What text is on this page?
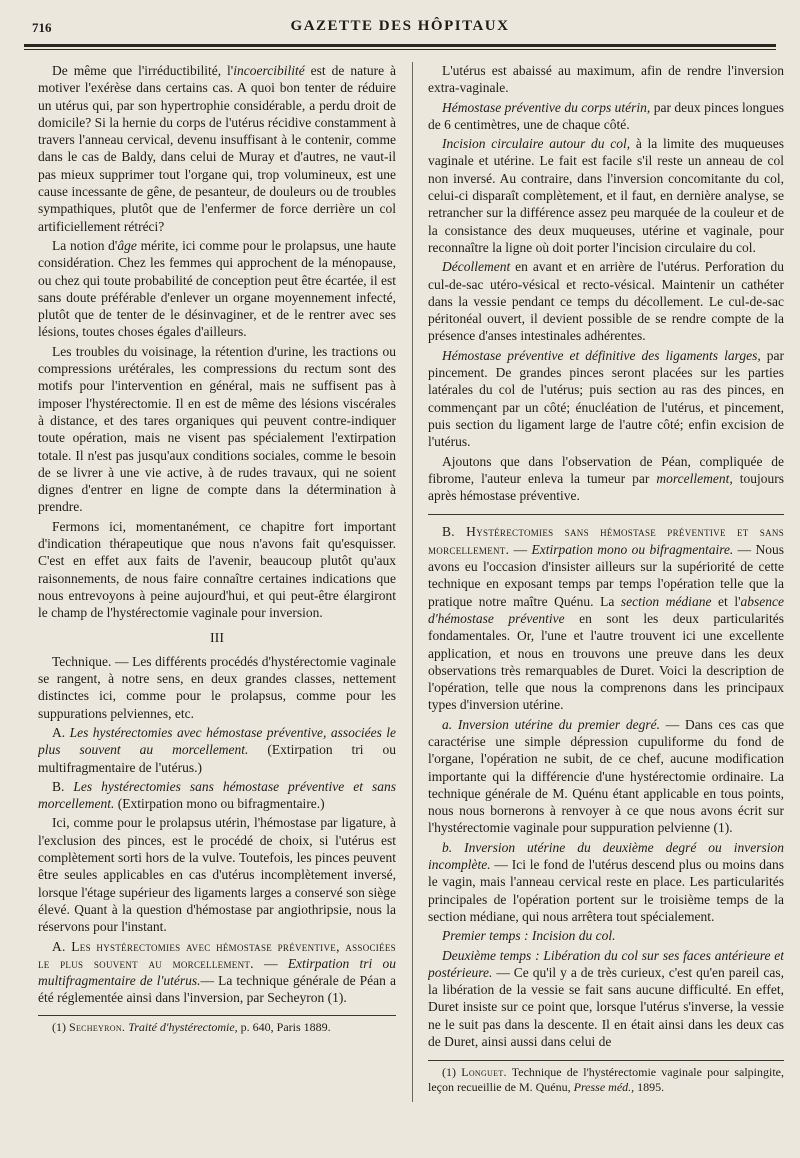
716	GAZETTE DES HÔPITAUX

De même que l'irréductibilité, l'incoercibilité est de nature à motiver l'exérèse dans certains cas. A quoi bon tenter de réduire un utérus qui, par son hypertrophie considérable, a perdu droit de domicile? Si la hernie du corps de l'utérus récidive constamment à travers l'anneau cervical, devenu insuffisant à le contenir, comme dans le cas de Baldy, dans celui de Muray et d'autres, ne vaut-il pas mieux supprimer tout l'organe qui, trop volumineux, est une cause incessante de gêne, de pesanteur, de douleurs ou de troubles sympathiques, plutôt que de l'enfermer de force derrière un col artificiellement rétréci?

La notion d'âge mérite, ici comme pour le prolapsus, une haute considération. Chez les femmes qui approchent de la ménopause, ou chez qui toute probabilité de conception peut être écartée, il est sans doute préférable d'enlever un organe moyennement infecté, plutôt que de tenter de le désinvaginer, et de le rentrer avec ses lésions, toutes choses égales d'ailleurs.

Les troubles du voisinage, la rétention d'urine, les tractions ou compressions urétérales, les compressions du rectum sont des motifs pour l'intervention en général, mais ne suffisent pas à imposer l'hystérectomie. Il en est de même des lésions viscérales à distance, et des tares organiques qui peuvent contre-indiquer toute opération, mais ne visent pas spécialement l'extirpation totale. Il n'est pas jusqu'aux conditions sociales, comme le besoin de se livrer à une vie active, à de rudes travaux, qui ne soient dignes d'entrer en ligne de compte dans la détermination à prendre.

Fermons ici, momentanément, ce chapitre fort important d'indication thérapeutique que nous n'avons fait qu'esquisser. C'est en effet aux faits de l'avenir, beaucoup plutôt qu'aux raisonnements, de nous faire connaître certaines indications que nous entrevoyons à peine aujourd'hui, et qui peut-être élargiront le champ de l'hystérectomie vaginale pour inversion.

III

Technique. — Les différents procédés d'hystérectomie vaginale se rangent, à notre sens, en deux grandes classes, nettement distinctes ici, comme pour le prolapsus, comme pour les suppurations pelviennes, etc.

A. Les hystérectomies avec hémostase préventive, associées le plus souvent au morcellement. (Extirpation tri ou multifragmentaire de l'utérus.)

B. Les hystérectomies sans hémostase préventive et sans morcellement. (Extirpation mono ou bifragmentaire.)

Ici, comme pour le prolapsus utérin, l'hémostase par ligature, à l'exclusion des pinces, est le procédé de choix, si l'utérus est complètement sorti hors de la vulve. Toutefois, les pinces peuvent être seules applicables en cas d'utérus incomplètement inversé, lorsque l'étage supérieur des ligaments larges a conservé son siège élevé. Quant à la question d'hémostase par angiothripsie, nous la réservons pour l'instant.

A. Les hystérectomies avec hémostase préventive, associées le plus souvent au morcellement. — Extirpation tri ou multifragmentaire de l'utérus.— La technique générale de Péan a été réglementée ainsi dans l'inversion, par Secheyron (1).

(1) Secheyron. Traité d'hystérectomie, p. 640, Paris 1889.

L'utérus est abaissé au maximum, afin de rendre l'inversion extra-vaginale.

Hémostase préventive du corps utérin, par deux pinces longues de 6 centimètres, une de chaque côté.

Incision circulaire autour du col, à la limite des muqueuses vaginale et utérine. Le fait est facile s'il reste un anneau de col non inversé. Au contraire, dans l'inversion concomitante du col, celui-ci disparaît complètement, et il faut, en dernière analyse, se retrancher sur la différence assez peu marquée de la couleur et de la consistance des deux muqueuses, utérine et vaginale, pour reconnaître la ligne où doit porter l'incision circulaire du col.

Décollement en avant et en arrière de l'utérus. Perforation du cul-de-sac utéro-vésical et recto-vésical. Maintenir un cathéter dans la vessie pendant ce temps du décollement. Le cul-de-sac péritonéal ouvert, il devient possible de se rendre compte de la présence d'anses intestinales adhérentes.

Hémostase préventive et définitive des ligaments larges, par pincement. De grandes pinces seront placées sur les parties latérales du col de l'utérus; puis section au ras des pinces, en commençant par un côté; énucléation de l'utérus, et pincement, puis section du ligament large de l'autre côté; enfin excision de l'utérus.

Ajoutons que dans l'observation de Péan, compliquée de fibrome, l'auteur enleva la tumeur par morcellement, toujours après hémostase préventive.

B. Hystérectomies sans hémostase préventive et sans morcellement. — Extirpation mono ou bifragmentaire. — Nous avons eu l'occasion d'insister ailleurs sur la supériorité de cette technique en exposant temps par temps l'opération telle que la pratique notre maître Quénu. La section médiane et l'absence d'hémostase préventive en sont les deux particularités fondamentales. Or, l'une et l'autre trouvent ici une excellente application, et nous en trouvons une preuve dans les deux observations très remarquables de Duret. Voici la description de l'opération, telle que nous la comprenons dans les principaux types d'inversion utérine.

a. Inversion utérine du premier degré. — Dans ces cas que caractérise une simple dépression cupuliforme du fond de l'organe, l'opération ne subit, de ce chef, aucune modification importante qui la différencie d'une hystérectomie ordinaire. La technique générale de M. Quénu étant applicable en tous points, nous nous bornerons à renvoyer à ce que nous avons écrit sur l'hystérectomie vaginale pour suppuration pelvienne (1).

b. Inversion utérine du deuxième degré ou inversion incomplète. — Ici le fond de l'utérus descend plus ou moins dans le vagin, mais l'anneau cervical reste en place. Les particularités principales de l'opération portent sur le troisième temps de la section médiane, qui nous arrêtera tout spécialement.

Premier temps : Incision du col.

Deuxième temps : Libération du col sur ses faces antérieure et postérieure. — Ce qu'il y a de très curieux, c'est qu'en pareil cas, la libération de la vessie se fait sans aucune difficulté. En effet, Duret insiste sur ce point que, lorsque l'utérus s'inverse, la vessie ne le suit pas dans la descente. Il en était ainsi dans les deux cas de Duret, ainsi aussi dans celui de

(1) Longuet. Technique de l'hystérectomie vaginale pour salpingite, leçon recueillie de M. Quénu, Presse méd., 1895.
